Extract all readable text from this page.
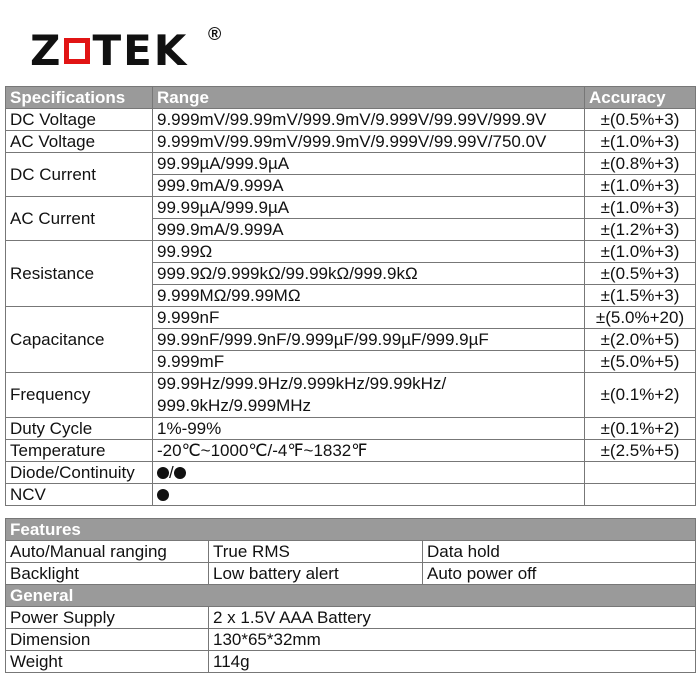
Z TEK ®
Specifications	Range	Accuracy
DC Voltage	9.999mV/99.99mV/999.9mV/9.999V/99.99V/999.9V	±(0.5%+3)
AC Voltage	9.999mV/99.99mV/999.9mV/9.999V/99.99V/750.0V	±(1.0%+3)
DC Current	99.99µA/999.9µA	±(0.8%+3)
	999.9mA/9.999A	±(1.0%+3)
AC Current	99.99µA/999.9µA	±(1.0%+3)
	999.9mA/9.999A	±(1.2%+3)
Resistance	99.99Ω	±(1.0%+3)
	999.9Ω/9.999kΩ/99.99kΩ/999.9kΩ	±(0.5%+3)
	9.999MΩ/99.99MΩ	±(1.5%+3)
Capacitance	9.999nF	±(5.0%+20)
	99.99nF/999.9nF/9.999µF/99.99µF/999.9µF	±(2.0%+5)
	9.999mF	±(5.0%+5)
Frequency	99.99Hz/999.9Hz/9.999kHz/99.99kHz/
999.9kHz/9.999MHz	±(0.1%+2)
Duty Cycle	1%-99%	±(0.1%+2)
Temperature	-20℃~1000℃/-4℉~1832℉	±(2.5%+5)
Diode/Continuity	/	
NCV		
Features		
Auto/Manual ranging	True RMS	Data hold
Backlight	Low battery alert	Auto power off
General		
Power Supply	2 x 1.5V AAA Battery	
Dimension	130*65*32mm	
Weight	114g	
